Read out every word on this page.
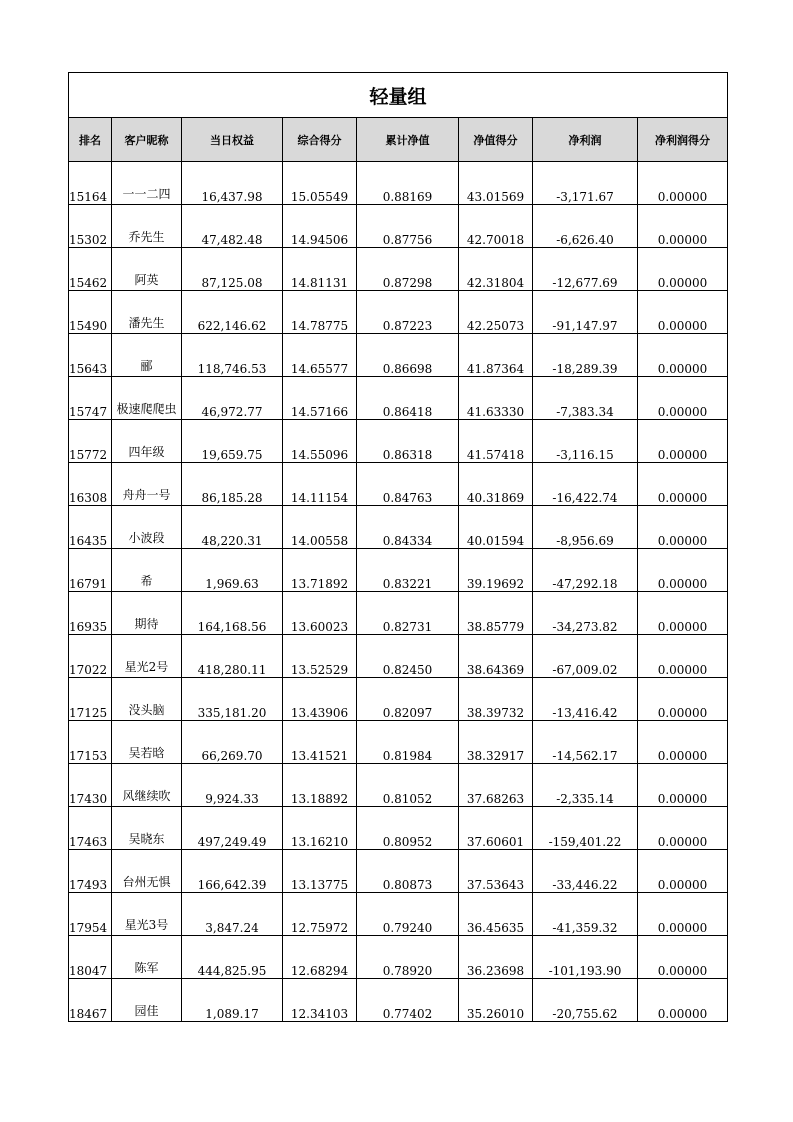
轻量组							
排名	客户昵称	当日权益	综合得分	累计净值	净值得分	净利润	净利润得分
15164	一一二四	16,437.98	15.05549	0.88169	43.01569	-3,171.67	0.00000
15302	乔先生	47,482.48	14.94506	0.87756	42.70018	-6,626.40	0.00000
15462	阿英	87,125.08	14.81131	0.87298	42.31804	-12,677.69	0.00000
15490	潘先生	622,146.62	14.78775	0.87223	42.25073	-91,147.97	0.00000
15643	郦	118,746.53	14.65577	0.86698	41.87364	-18,289.39	0.00000
15747	极速爬爬虫	46,972.77	14.57166	0.86418	41.63330	-7,383.34	0.00000
15772	四年级	19,659.75	14.55096	0.86318	41.57418	-3,116.15	0.00000
16308	舟舟一号	86,185.28	14.11154	0.84763	40.31869	-16,422.74	0.00000
16435	小波段	48,220.31	14.00558	0.84334	40.01594	-8,956.69	0.00000
16791	希	1,969.63	13.71892	0.83221	39.19692	-47,292.18	0.00000
16935	期待	164,168.56	13.60023	0.82731	38.85779	-34,273.82	0.00000
17022	星光2号	418,280.11	13.52529	0.82450	38.64369	-67,009.02	0.00000
17125	没头脑	335,181.20	13.43906	0.82097	38.39732	-13,416.42	0.00000
17153	吴若晗	66,269.70	13.41521	0.81984	38.32917	-14,562.17	0.00000
17430	风继续吹	9,924.33	13.18892	0.81052	37.68263	-2,335.14	0.00000
17463	吴晓东	497,249.49	13.16210	0.80952	37.60601	-159,401.22	0.00000
17493	台州无惧	166,642.39	13.13775	0.80873	37.53643	-33,446.22	0.00000
17954	星光3号	3,847.24	12.75972	0.79240	36.45635	-41,359.32	0.00000
18047	陈军	444,825.95	12.68294	0.78920	36.23698	-101,193.90	0.00000
18467	园佳	1,089.17	12.34103	0.77402	35.26010	-20,755.62	0.00000
